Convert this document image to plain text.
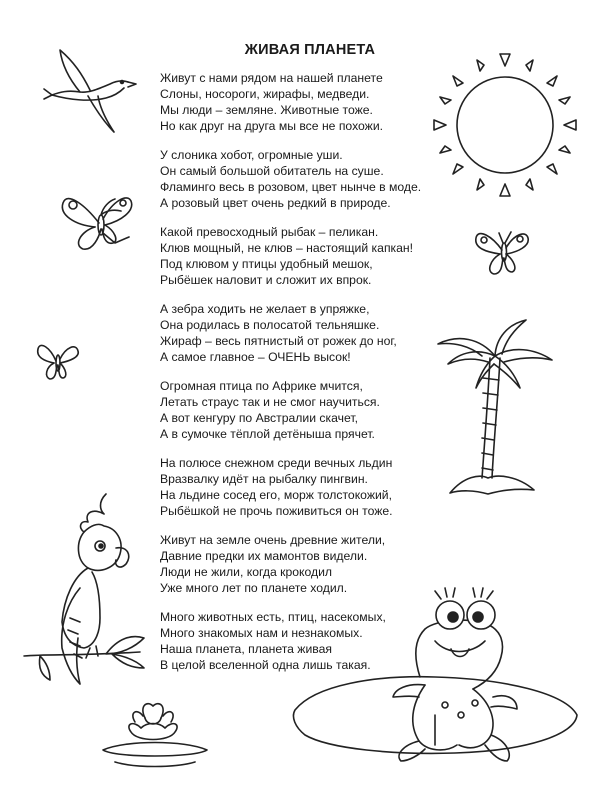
ЖИВАЯ ПЛАНЕТА
Живут с нами рядом на нашей планете
Слоны, носороги, жирафы, медведи.
Мы люди – земляне. Животные тоже.
Но как друг на друга мы все не похожи.
У слоника хобот, огромные уши.
Он самый большой обитатель на суше.
Фламинго весь в розовом, цвет нынче в моде.
А розовый цвет очень редкий в природе.
Какой превосходный рыбак – пеликан.
Клюв мощный, не клюв – настоящий капкан!
Под клювом у птицы удобный мешок,
Рыбёшек наловит и сложит их впрок.
А зебра ходить не желает в упряжке,
Она родилась в полосатой тельняшке.
Жираф – весь пятнистый от рожек до ног,
А самое главное – ОЧЕНЬ высок!
Огромная птица по Африке мчится,
Летать страус так и не смог научиться.
А вот кенгуру по Австралии скачет,
А в сумочке тёплой детёныша прячет.
На полюсе снежном среди вечных льдин
Вразвалку идёт на рыбалку пингвин.
На льдине сосед его, морж толстокожий,
Рыбёшкой не прочь поживиться он тоже.
Живут на земле очень древние жители,
Давние предки их мамонтов видели.
Люди не жили, когда крокодил
Уже много лет по планете ходил.
Много животных есть, птиц, насекомых,
Много знакомых нам и незнакомых.
Наша планета, планета живая
В целой вселенной одна лишь такая.
